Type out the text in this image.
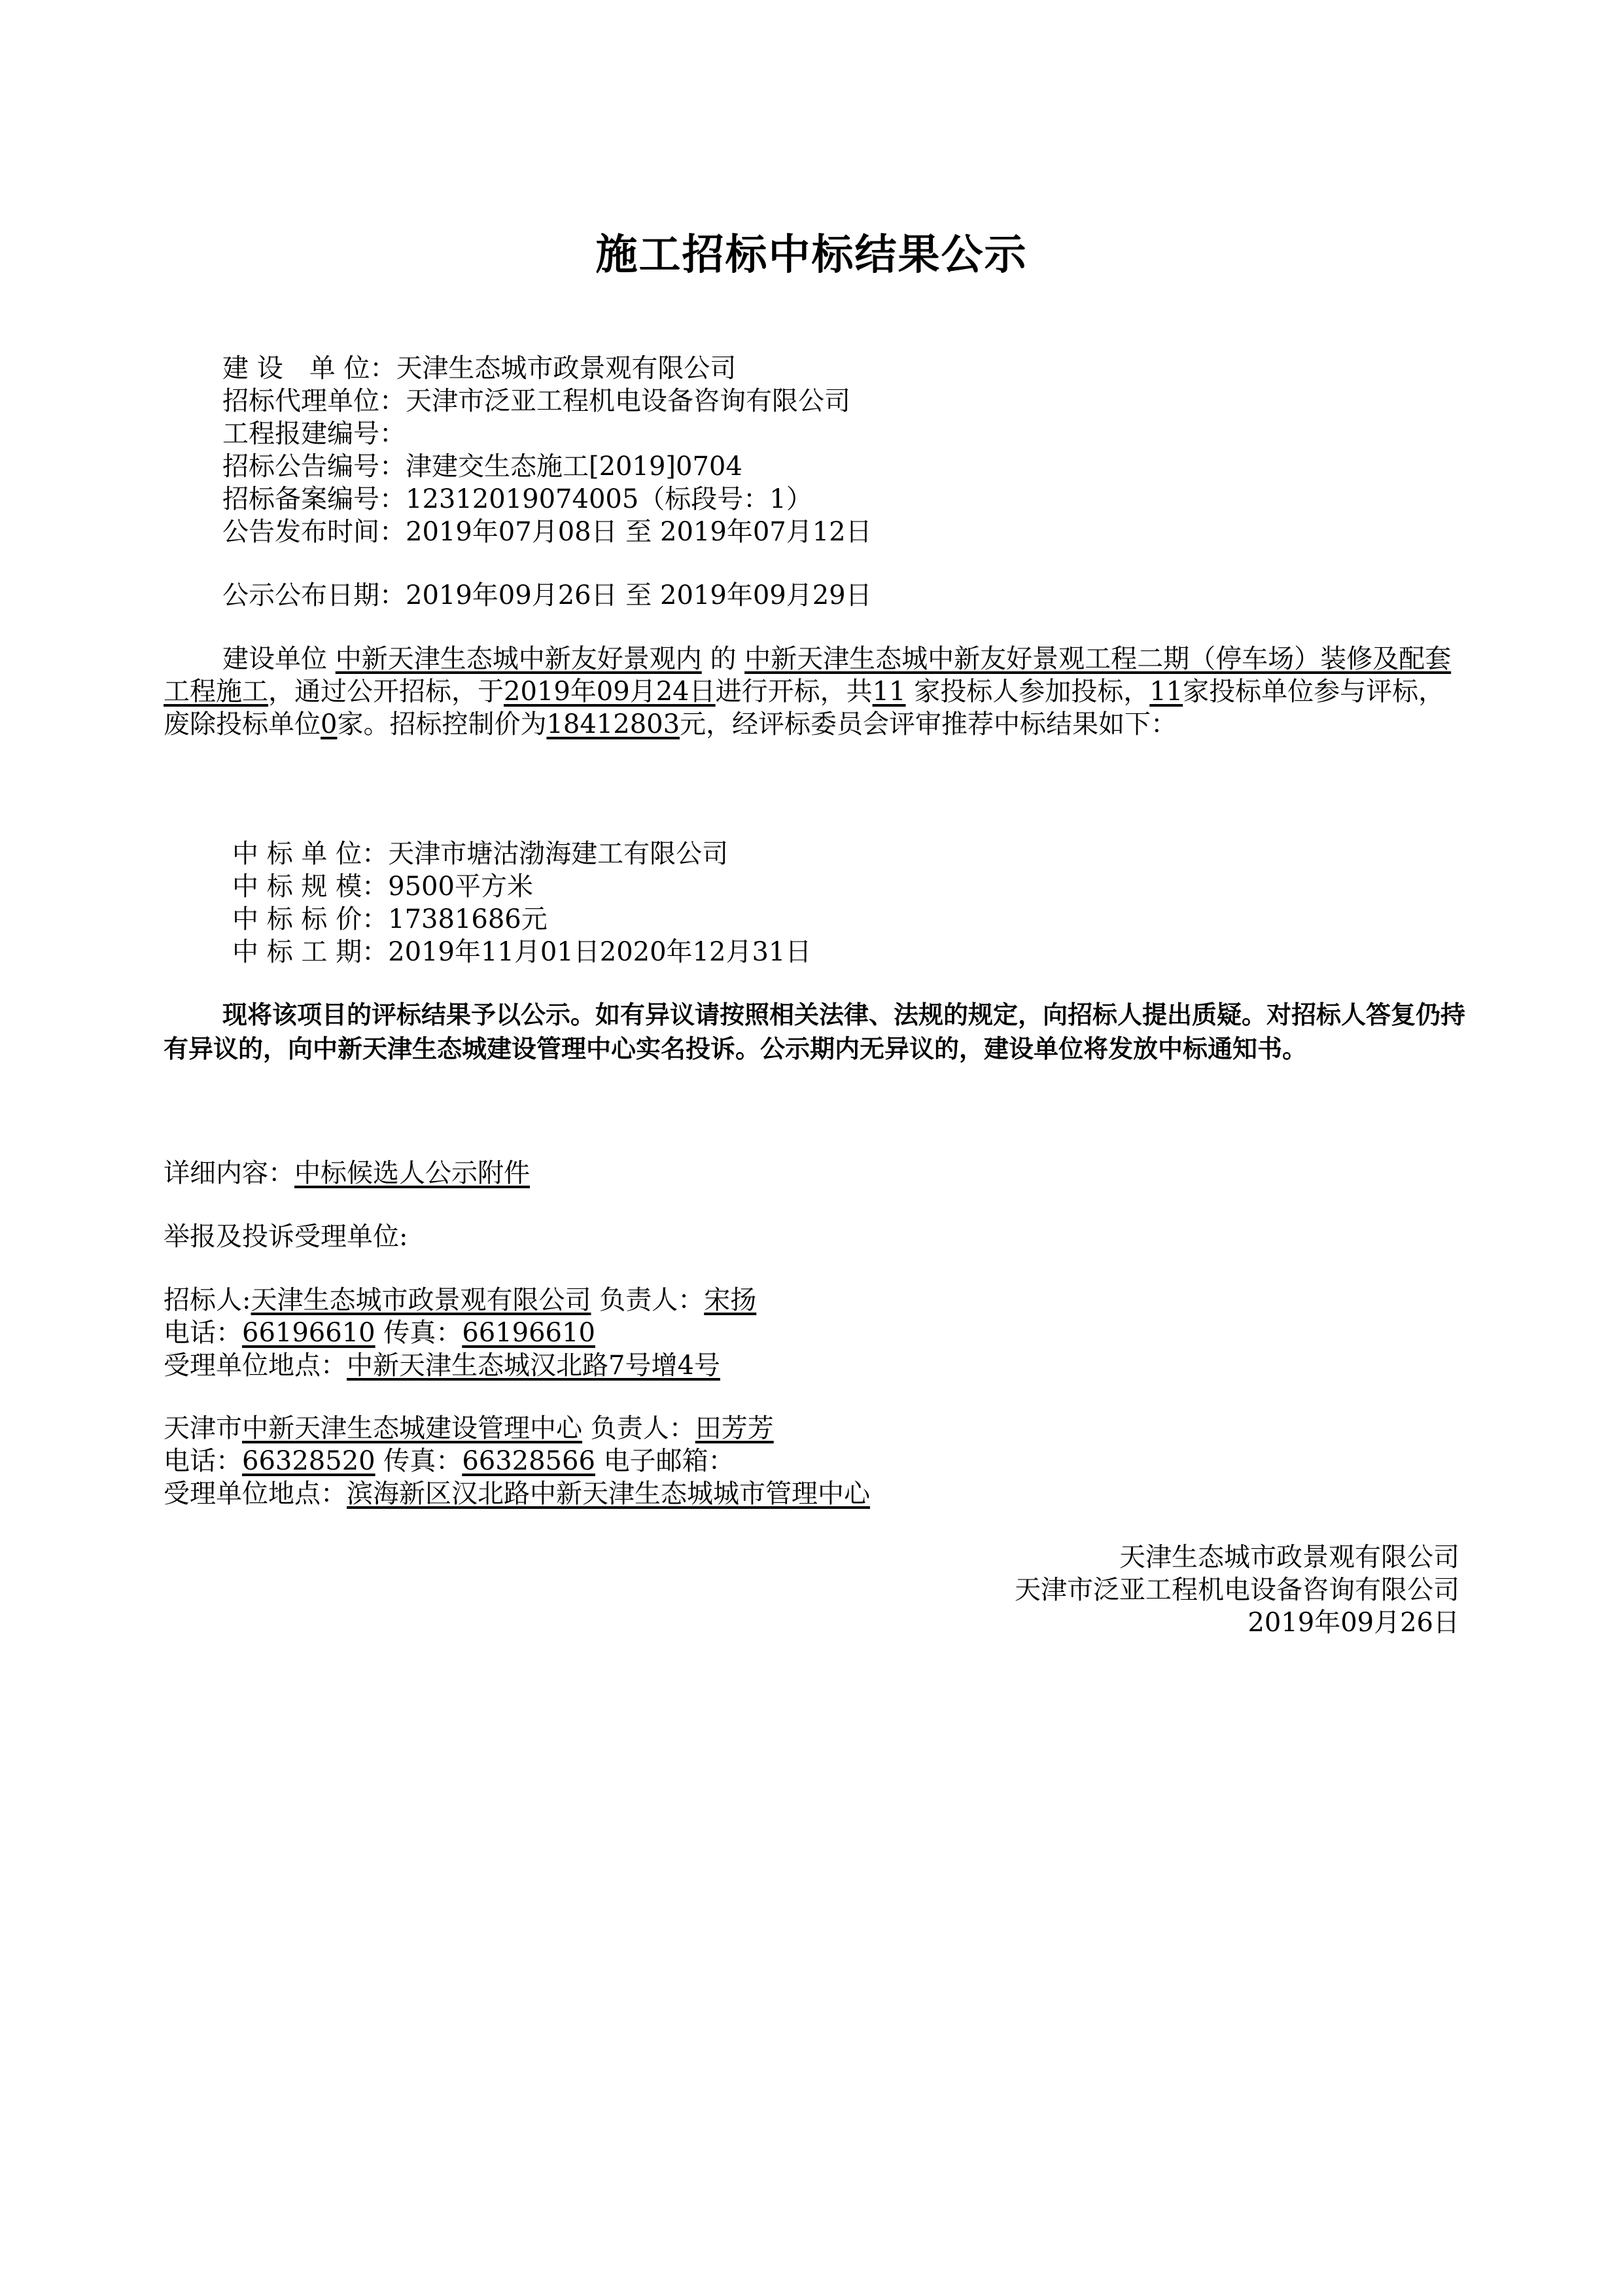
施工招标中标结果公示
建 设　单 位：天津生态城市政景观有限公司
招标代理单位：天津市泛亚工程机电设备咨询有限公司
工程报建编号：
招标公告编号：津建交生态施工[2019]0704
招标备案编号：12312019074005（标段号：1）
公告发布时间：2019年07月08日 至 2019年07月12日
公示公布日期：2019年09月26日 至 2019年09月29日
建设单位 中新天津生态城中新友好景观内 的 中新天津生态城中新友好景观工程二期（停车场）装修及配套工程施工，通过公开招标，于2019年09月24日进行开标，共11 家投标人参加投标，11家投标单位参与评标，废除投标单位0家。招标控制价为18412803元，经评标委员会评审推荐中标结果如下：
中 标 单 位：天津市塘沽渤海建工有限公司
中 标 规 模：9500平方米
中 标 标 价：17381686元
中 标 工 期：2019年11月01日2020年12月31日
现将该项目的评标结果予以公示。如有异议请按照相关法律、法规的规定，向招标人提出质疑。对招标人答复仍持有异议的，向中新天津生态城建设管理中心实名投诉。公示期内无异议的，建设单位将发放中标通知书。
详细内容：中标候选人公示附件
举报及投诉受理单位:
招标人:天津生态城市政景观有限公司 负责人：宋扬
电话：66196610 传真：66196610
受理单位地点：中新天津生态城汉北路7号增4号
天津市中新天津生态城建设管理中心 负责人：田芳芳
电话：66328520 传真：66328566 电子邮箱：
受理单位地点：滨海新区汉北路中新天津生态城城市管理中心
天津生态城市政景观有限公司
天津市泛亚工程机电设备咨询有限公司
2019年09月26日
